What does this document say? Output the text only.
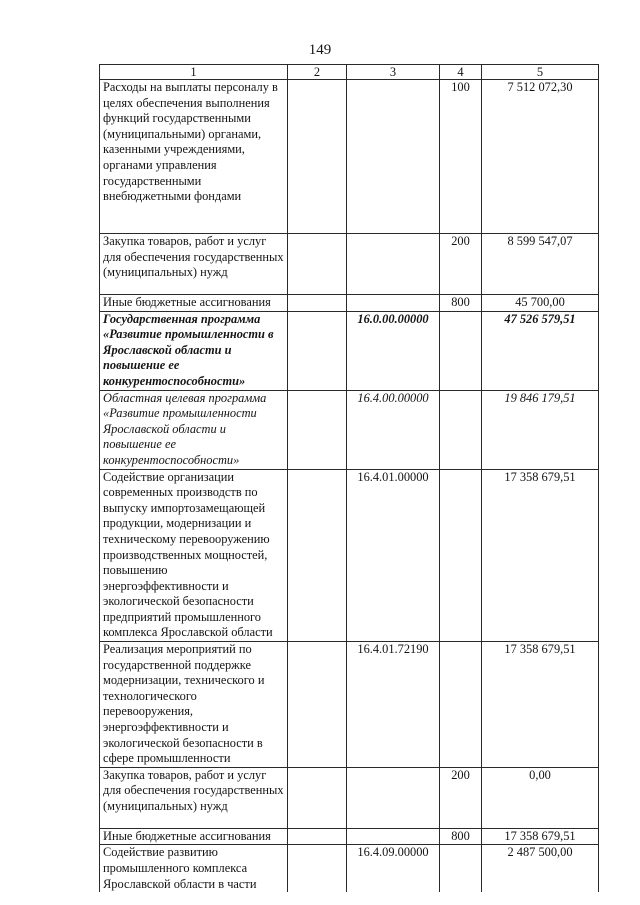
149
1	2	3	4	5
Расходы на выплаты персоналу в целях обеспечения выполнения функций государственными (муниципальными) органами, казенными учреждениями, органами управления государственными внебюджетными фондами			100	7 512 072,30
Закупка товаров, работ и услуг для обеспечения государственных (муниципальных) нужд			200	8 599 547,07
Иные бюджетные ассигнования			800	45 700,00
Государственная программа «Развитие промышленности в Ярославской области и повышение ее конкурентоспособности»		16.0.00.00000		47 526 579,51
Областная целевая программа «Развитие промышленности Ярославской области и повышение ее конкурентоспособности»		16.4.00.00000		19 846 179,51
Содействие организации современных производств по выпуску импортозамещающей продукции, модернизации и техническому перевооружению производственных мощностей, повышению энергоэффективности и экологической безопасности предприятий промышленного комплекса Ярославской области		16.4.01.00000		17 358 679,51
Реализация мероприятий по государственной поддержке модернизации, технического и технологического перевооружения, энергоэффективности и экологической безопасности в сфере промышленности		16.4.01.72190		17 358 679,51
Закупка товаров, работ и услуг для обеспечения государственных (муниципальных) нужд			200	0,00
Иные бюджетные ассигнования			800	17 358 679,51
Содействие развитию промышленного комплекса Ярославской области в части		16.4.09.00000		2 487 500,00
